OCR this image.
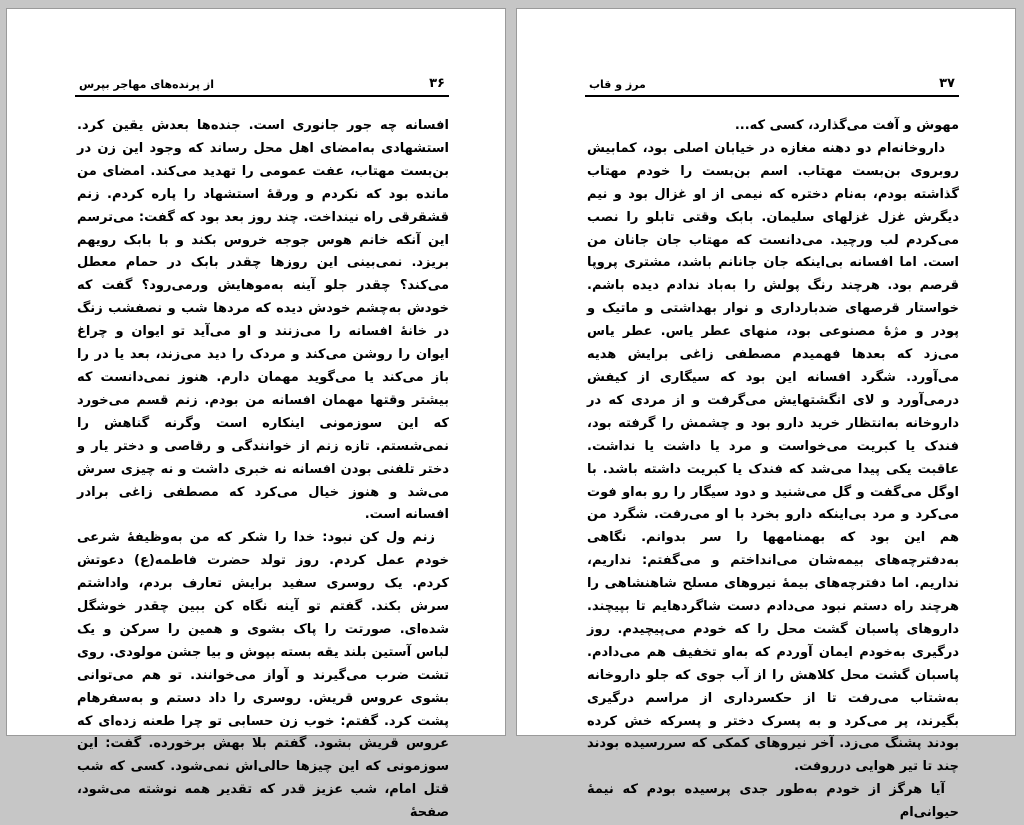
۳۶
از پرنده‌های مهاجر بپرس

افسانه چه جور جانوری است. جنده‌ها بعدش یقین کرد. استشهادی به‌امضای اهل محل رساند که وجود این زن در بن‌بست مهتاب، عفت عمومی را تهدید می‌کند. امضای من مانده بود که نکردم و ورقهٔ استشهاد را پاره کردم. زنم قشقرقی راه نینداخت. چند روز بعد بود که گفت: می‌ترسم این آنکه خانم هوس جوجه خروس بکند و با بابک رویهم بریزد. نمی‌بینی این روزها چقدر بابک در حمام معطل می‌کند؟ چقدر جلو آینه به‌موهایش ورمی‌رود؟ گفت که خودش به‌چشم خودش دیده که مردها شب و نصفشب زنگ در خانهٔ افسانه را می‌زنند و او می‌آید تو ایوان و چراغ ایوان را روشن می‌کند و مردک را دید می‌زند، بعد یا در را باز می‌کند یا می‌گوید مهمان دارم. هنوز نمی‌دانست که بیشتر وقتها مهمان افسانه من بودم. زنم قسم می‌خورد که این سوزمونی اینکاره است وگرنه گناهش را نمی‌شستم. تازه زنم از خوانندگی و رقاصی و دختر یار و دختر تلفنی بودن افسانه نه خبری داشت و نه چیزی سرش می‌شد و هنوز خیال می‌کرد که مصطفی زاغی برادر افسانه است.

زنم ول کن نبود: خدا را شکر که من به‌وظیفهٔ شرعی خودم عمل کردم. روز تولد حضرت فاطمه(ع) دعوتش کردم. یک روسری سفید برایش تعارف بردم، واداشتم سرش بکند. گفتم تو آینه نگاه کن ببین چقدر خوشگل شده‌ای. صورتت را پاک بشوی و همین را سرکن و یک لباس آستین بلند یقه بسته بپوش و بیا جشن مولودی. روی تشت ضرب می‌گیرند و آواز می‌خوانند. تو هم می‌توانی بشوی عروس قریش. روسری را داد دستم و به‌سفرهام پشت کرد. گفتم: خوب زن حسابی تو چرا طعنه زده‌ای که عروس قریش بشود. گفتم بلا بهش برخورده. گفت: این سوزمونی که این چیزها حالی‌اش نمی‌شود. کسی که شب قتل امام، شب عزیز قدر که تقدیر همه نوشته می‌شود، صفحهٔ

۳۷
مرز و قاب

مهوش و آفت می‌گذارد، کسی که...

داروخانه‌ام دو دهنه مغازه در خیابان اصلی بود، کمابیش روبروی بن‌بست مهتاب. اسم بن‌بست را خودم مهتاب گذاشته بودم، به‌نام دختره که نیمی از او غزال بود و نیم دیگرش غزل غزلهای سلیمان. بابک وقتی تابلو را نصب می‌کردم لب ورچید. می‌دانست که مهتاب جان جانان من است. اما افسانه بی‌اینکه جان جانانم باشد، مشتری پروپا قرصم بود. هرچند رنگ پولش را به‌باد ندادم دیده باشم. خواستار قرصهای ضدبارداری و نوار بهداشتی و ماتیک و پودر و مژهٔ مصنوعی بود، منهای عطر یاس. عطر یاس می‌زد که بعدها فهمیدم مصطفی زاغی برایش هدیه می‌آورد. شگرد افسانه این بود که سیگاری از کیفش درمی‌آورد و لای انگشتهایش می‌گرفت و از مردی که در داروخانه به‌انتظار خرید دارو بود و چشمش را گرفته بود، فندک یا کبریت می‌خواست و مرد یا داشت یا نداشت. عاقبت یکی پیدا می‌شد که فندک یا کبریت داشته باشد. با اوگل می‌گفت و گل می‌شنید و دود سیگار را رو به‌او فوت می‌کرد و مرد بی‌اینکه دارو بخرد با او می‌رفت. شگرد من هم این بود که بهمنامهها را سر بدوانم. نگاهی به‌دفترچه‌های بیمه‌شان می‌انداختم و می‌گفتم: نداریم، نداریم. اما دفترچه‌های بیمهٔ نیروهای مسلح شاهنشاهی را هرچند راه دستم نبود می‌دادم دست شاگردهایم تا بپیچند. داروهای پاسبان گشت محل را که خودم می‌پیچیدم. روز درگیری به‌خودم ایمان آوردم که به‌او تخفیف هم می‌دادم. پاسبان گشت محل کلاهش را از آب جوی که جلو داروخانه به‌شتاب می‌رفت تا از حکسرداری از مراسم درگیری بگیرند، پر می‌کرد و به پسرک دختر و پسرکه خش کرده بودند پشنگ می‌زد. آخر نیروهای کمکی که سررسیده بودند چند تا تیر هوایی درروفت.

آیا هرگز از خودم به‌طور جدی پرسیده بودم که نیمهٔ حیوانی‌ام
